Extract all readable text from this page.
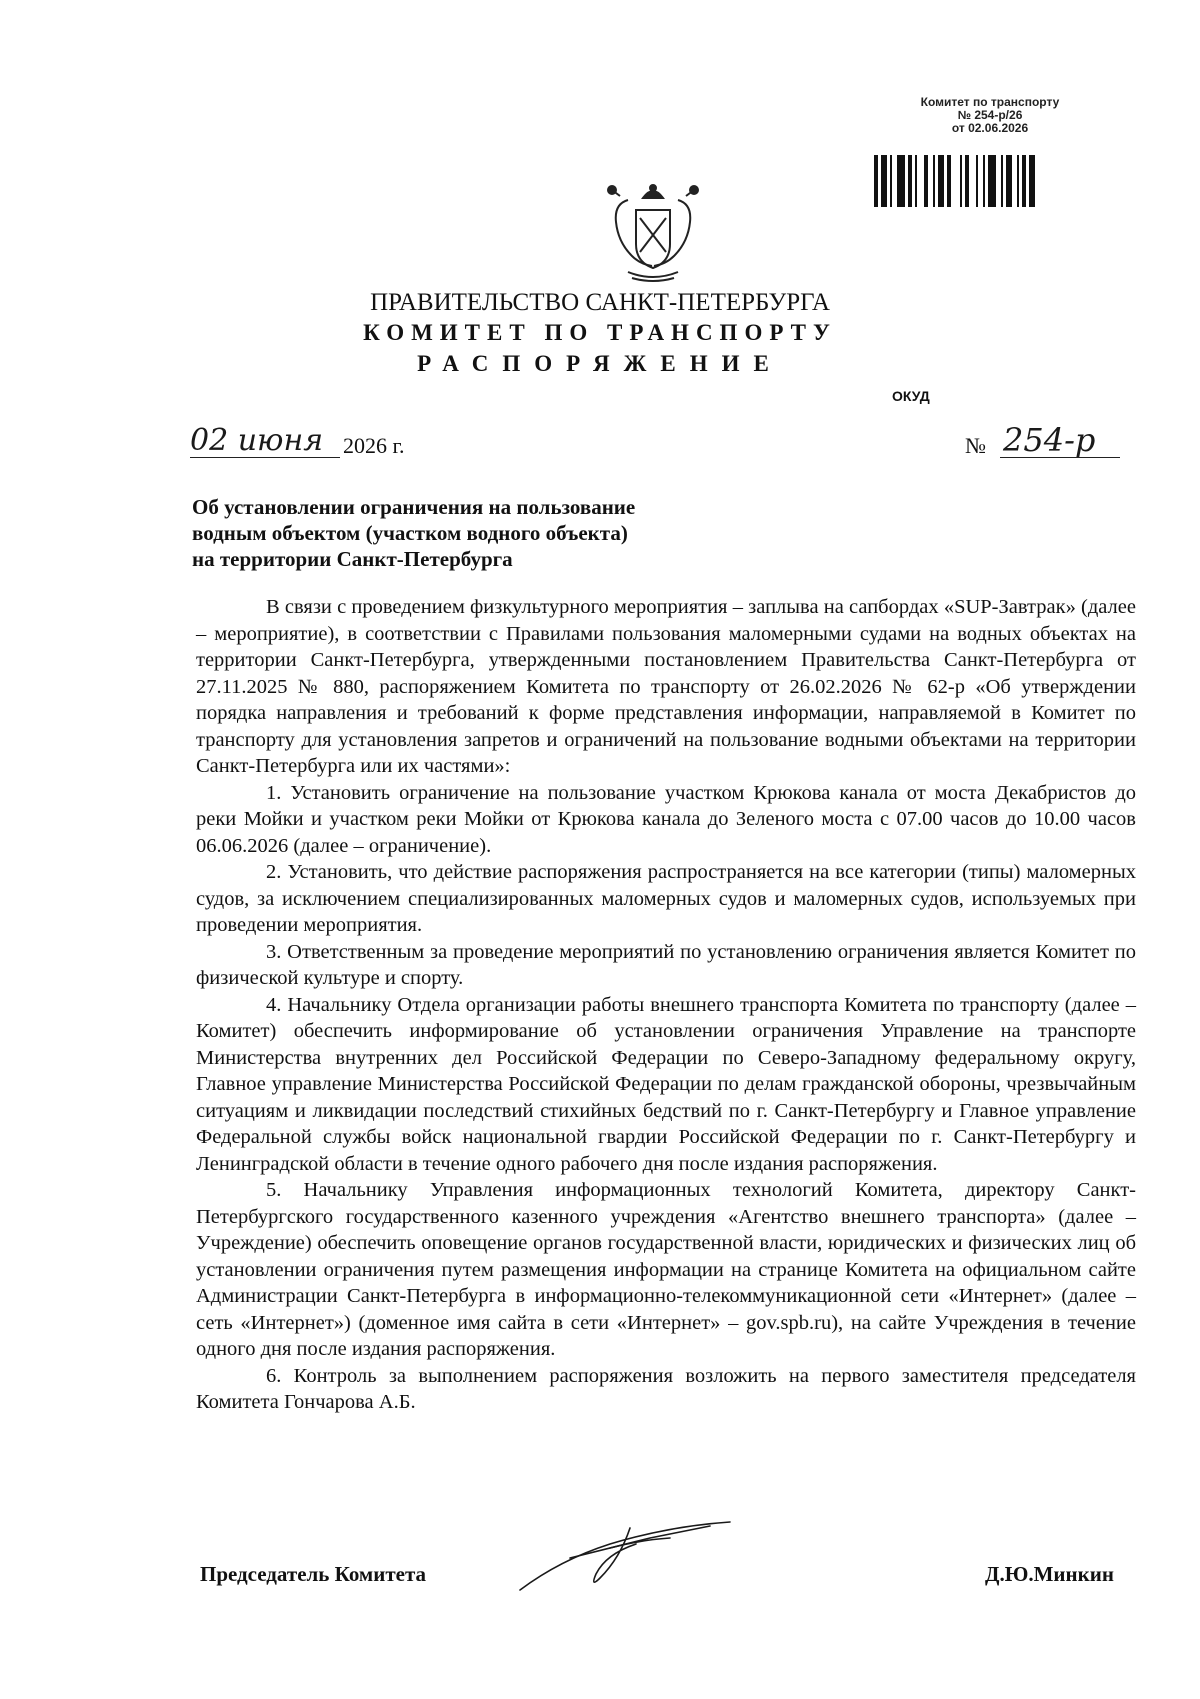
Комитет по транспорту
№ 254-р/26
от 02.06.2026
ПРАВИТЕЛЬСТВО САНКТ-ПЕТЕРБУРГА
КОМИТЕТ ПО ТРАНСПОРТУ
РАСПОРЯЖЕНИЕ
ОКУД
02 июня 2026 г.	№ 254-р
Об установлении ограничения на пользование
водным объектом (участком водного объекта)
на территории Санкт-Петербурга

В связи с проведением физкультурного мероприятия – заплыва на сапбордах «SUP-Завтрак» (далее – мероприятие), в соответствии с Правилами пользования маломерными судами на водных объектах на территории Санкт-Петербурга, утвержденными постановлением Правительства Санкт-Петербурга от 27.11.2025 № 880, распоряжением Комитета по транспорту от 26.02.2026 № 62-р «Об утверждении порядка направления и требований к форме представления информации, направляемой в Комитет по транспорту для установления запретов и ограничений на пользование водными объектами на территории Санкт-Петербурга или их частями»:

1. Установить ограничение на пользование участком Крюкова канала от моста Декабристов до реки Мойки и участком реки Мойки от Крюкова канала до Зеленого моста с 07.00 часов до 10.00 часов 06.06.2026 (далее – ограничение).

2. Установить, что действие распоряжения распространяется на все категории (типы) маломерных судов, за исключением специализированных маломерных судов и маломерных судов, используемых при проведении мероприятия.

3. Ответственным за проведение мероприятий по установлению ограничения является Комитет по физической культуре и спорту.

4. Начальнику Отдела организации работы внешнего транспорта Комитета по транспорту (далее – Комитет) обеспечить информирование об установлении ограничения Управление на транспорте Министерства внутренних дел Российской Федерации по Северо-Западному федеральному округу, Главное управление Министерства Российской Федерации по делам гражданской обороны, чрезвычайным ситуациям и ликвидации последствий стихийных бедствий по г. Санкт-Петербургу и Главное управление Федеральной службы войск национальной гвардии Российской Федерации по г. Санкт-Петербургу и Ленинградской области в течение одного рабочего дня после издания распоряжения.

5. Начальнику Управления информационных технологий Комитета, директору Санкт-Петербургского государственного казенного учреждения «Агентство внешнего транспорта» (далее – Учреждение) обеспечить оповещение органов государственной власти, юридических и физических лиц об установлении ограничения путем размещения информации на странице Комитета на официальном сайте Администрации Санкт-Петербурга в информационно-телекоммуникационной сети «Интернет» (далее – сеть «Интернет») (доменное имя сайта в сети «Интернет» – gov.spb.ru), на сайте Учреждения в течение одного дня после издания распоряжения.

6. Контроль за выполнением распоряжения возложить на первого заместителя председателя Комитета Гончарова А.Б.

Председатель Комитета	Д.Ю.Минкин
